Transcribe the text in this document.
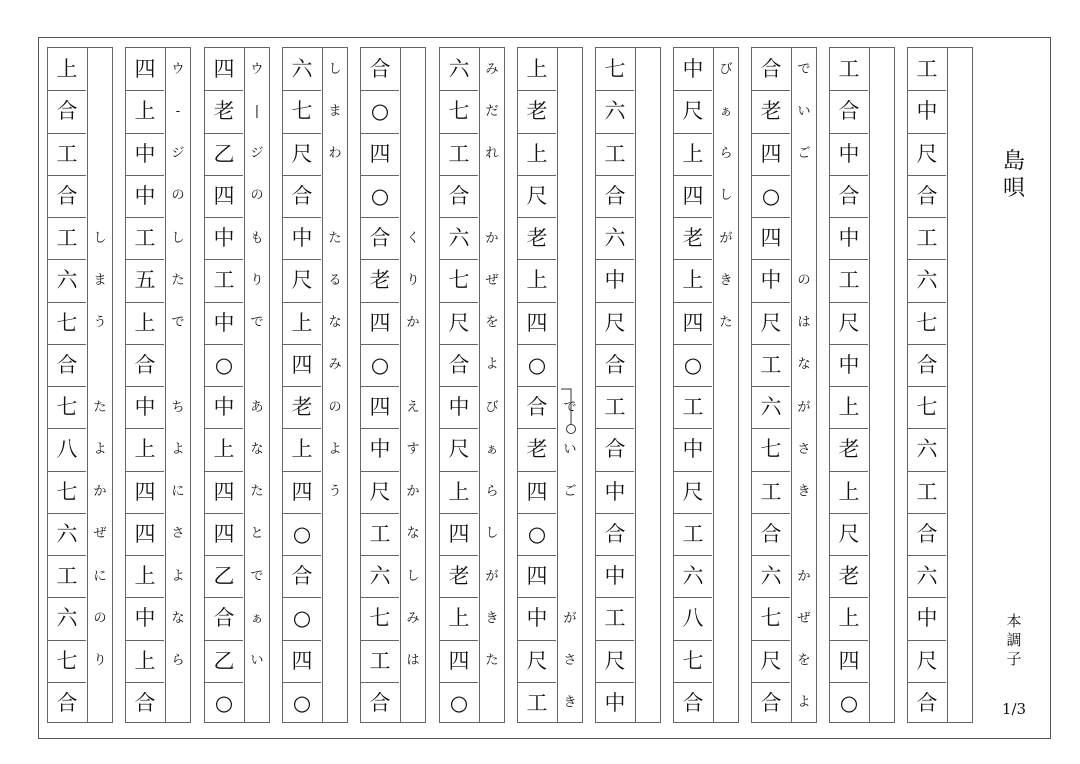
工
中
尺
合
工
六
七
合
七
六
工
合
六
中
尺
合
工
合
中
合
中
工
尺
中
上
老
上
尺
老
上
四
○
合
老
四
○
四
中
尺
工
六
七
工
合
六
七
尺
合
で
い
ご
の
は
な
が
さ
き
か
ぜ
を
よ
中
尺
上
四
老
上
四
○
工
中
尺
工
六
八
七
合
び
ぁ
ら
し
が
き
た
七
六
工
合
六
中
尺
合
工
合
中
合
中
工
尺
中
上
老
上
尺
老
上
四
○
合
老
四
○
四
中
尺
工
で
い
ご
が
さ
き
六
七
工
合
六
七
尺
合
中
尺
上
四
老
上
四
○
み
だ
れ
か
ぜ
を
よ
び
ぁ
ら
し
が
き
た
合
○
四
○
合
老
四
○
四
中
尺
工
六
七
工
合
く
り
か
え
す
か
な
し
み
は
六
七
尺
合
中
尺
上
四
老
上
四
○
合
○
四
○
し
ま
わ
た
る
な
み
の
よ
う
四
老
乙
四
中
工
中
○
中
上
四
四
乙
合
乙
○
ウ
|
ジ
の
も
り
で
あ
な
た
と
で
ぁ
い
四
上
中
中
工
五
上
合
中
上
四
四
上
中
上
合
ウ
-
ジ
の
し
た
で
ち
よ
に
さ
よ
な
ら
上
合
工
合
工
六
七
合
七
八
七
六
工
六
七
合
し
ま
う
た
よ
か
ぜ
に
の
り
島
唄
本
調
子
1/3
